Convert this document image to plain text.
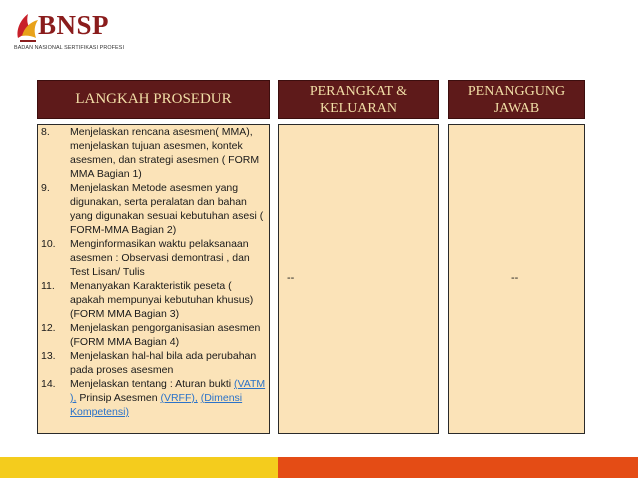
BNSP
BADAN NASIONAL SERTIFIKASI PROFESI
LANGKAH PROSEDUR	PERANGKAT &
KELUARAN
PENANGGUNG
JAWAB
8. Menjelaskan rencana asesmen( MMA), menjelaskan tujuan asesmen, kontek asesmen, dan strategi asesmen ( FORM MMA Bagian 1)
9. Menjelaskan Metode asesmen yang digunakan, serta peralatan dan bahan yang digunakan sesuai kebutuhan asesi ( FORM-MMA Bagian 2)
10. Menginformasikan waktu pelaksanaan asesmen : Observasi demontrasi , dan Test Lisan/ Tulis
11. Menanyakan Karakteristik peseta ( apakah mempunyai kebutuhan khusus) (FORM MMA Bagian 3)
12. Menjelaskan pengorganisasian asesmen (FORM MMA Bagian 4)
13. Menjelaskan hal-hal bila ada perubahan pada proses asesmen
14. Menjelaskan tentang : Aturan bukti (VATM ), Prinsip Asesmen (VRFF), (Dimensi Kompetensi)
--	--
